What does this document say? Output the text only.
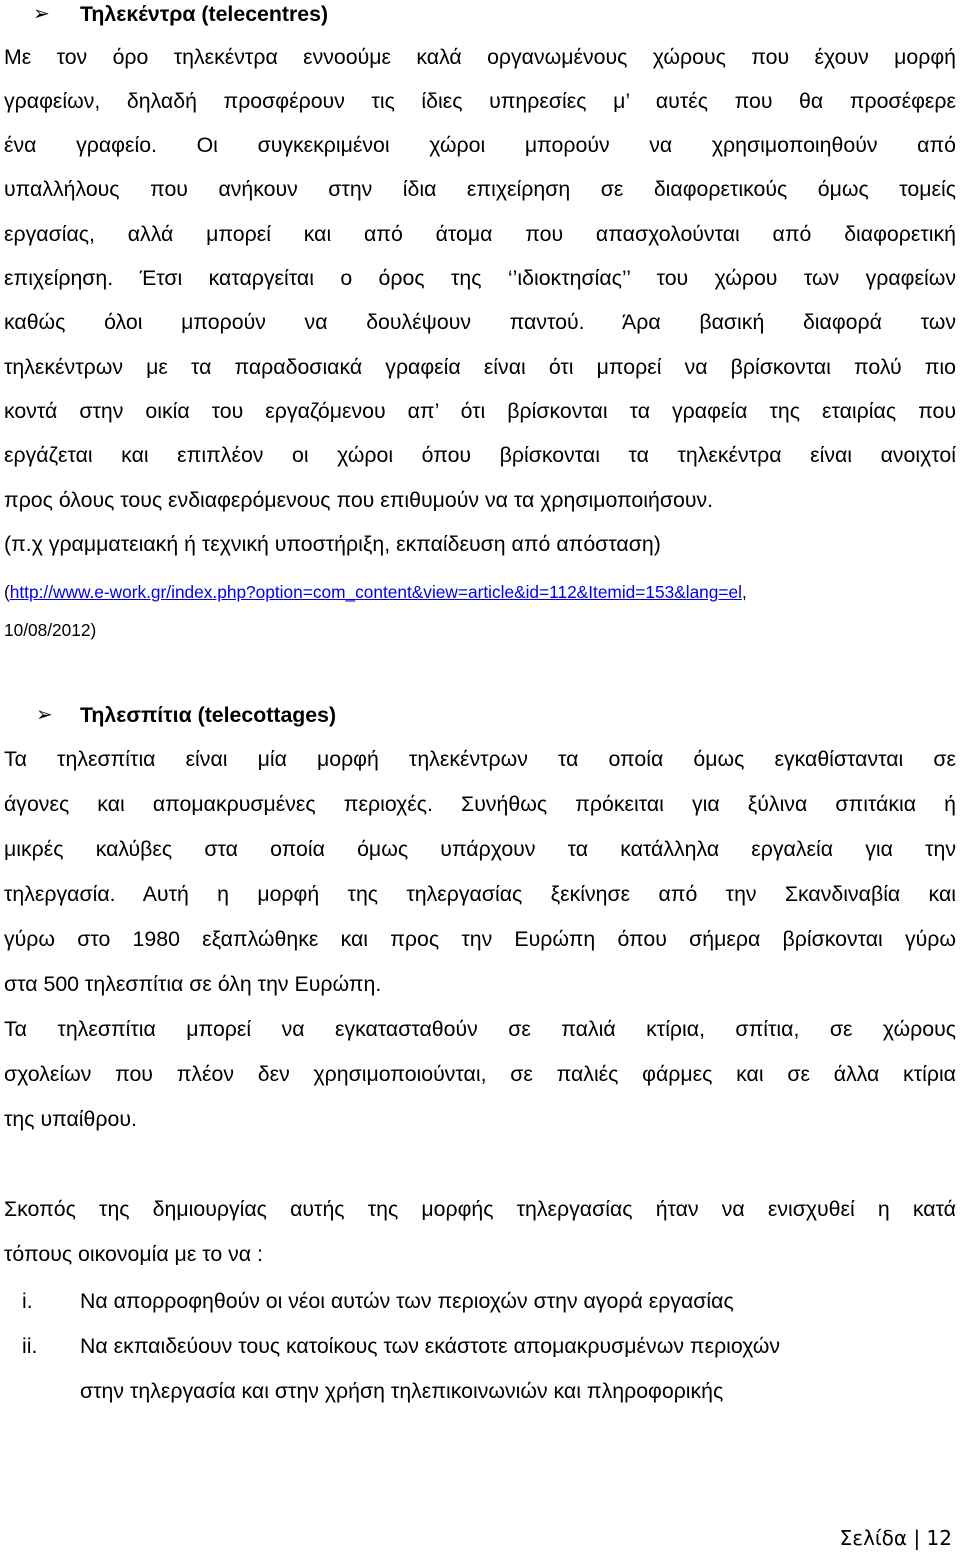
➢ Τηλεκέντρα (telecentres)
Με τον όρο τηλεκέντρα εννοούμε καλά οργανωμένους χώρους που έχουν μορφή
γραφείων, δηλαδή προσφέρουν τις ίδιες υπηρεσίες μ’ αυτές που θα προσέφερε
ένα γραφείο. Οι συγκεκριμένοι χώροι μπορούν να χρησιμοποιηθούν από
υπαλλήλους που ανήκουν στην ίδια επιχείρηση σε διαφορετικούς όμως τομείς
εργασίας, αλλά μπορεί και από άτομα που απασχολούνται από διαφορετική
επιχείρηση. Έτσι καταργείται ο όρος της ‘’ιδιοκτησίας’’ του χώρου των γραφείων
καθώς όλοι μπορούν να δουλέψουν παντού. Άρα βασική διαφορά των
τηλεκέντρων με τα παραδοσιακά γραφεία είναι ότι μπορεί να βρίσκονται πολύ πιο
κοντά στην οικία του εργαζόμενου απ’ ότι βρίσκονται τα γραφεία της εταιρίας που
εργάζεται και επιπλέον οι χώροι όπου βρίσκονται τα τηλεκέντρα είναι ανοιχτοί
προς όλους τους ενδιαφερόμενους που επιθυμούν να τα χρησιμοποιήσουν.
(π.χ γραμματειακή ή τεχνική υποστήριξη, εκπαίδευση από απόσταση)
(http://www.e-work.gr/index.php?option=com_content&view=article&id=112&Itemid=153&lang=el,
10/08/2012)
➢ Τηλεσπίτια (telecottages)
Τα τηλεσπίτια είναι μία μορφή τηλεκέντρων τα οποία όμως εγκαθίστανται σε
άγονες και απομακρυσμένες περιοχές. Συνήθως πρόκειται για ξύλινα σπιτάκια ή
μικρές καλύβες στα οποία όμως υπάρχουν τα κατάλληλα εργαλεία για την
τηλεργασία. Αυτή η μορφή της τηλεργασίας ξεκίνησε από την Σκανδιναβία και
γύρω στο 1980 εξαπλώθηκε και προς την Ευρώπη όπου σήμερα βρίσκονται γύρω
στα 500 τηλεσπίτια σε όλη την Ευρώπη.
Τα τηλεσπίτια μπορεί να εγκατασταθούν σε παλιά κτίρια, σπίτια, σε χώρους
σχολείων που πλέον δεν χρησιμοποιούνται, σε παλιές φάρμες και σε άλλα κτίρια
της υπαίθρου.
Σκοπός της δημιουργίας αυτής της μορφής τηλεργασίας ήταν να ενισχυθεί η κατά
τόπους οικονομία με το να :
i. Να απορροφηθούν οι νέοι αυτών των περιοχών στην αγορά εργασίας
ii. Να εκπαιδεύουν τους κατοίκους των εκάστοτε απομακρυσμένων περιοχών
στην τηλεργασία και στην χρήση τηλεπικοινωνιών και πληροφορικής
Σελίδα | 12
